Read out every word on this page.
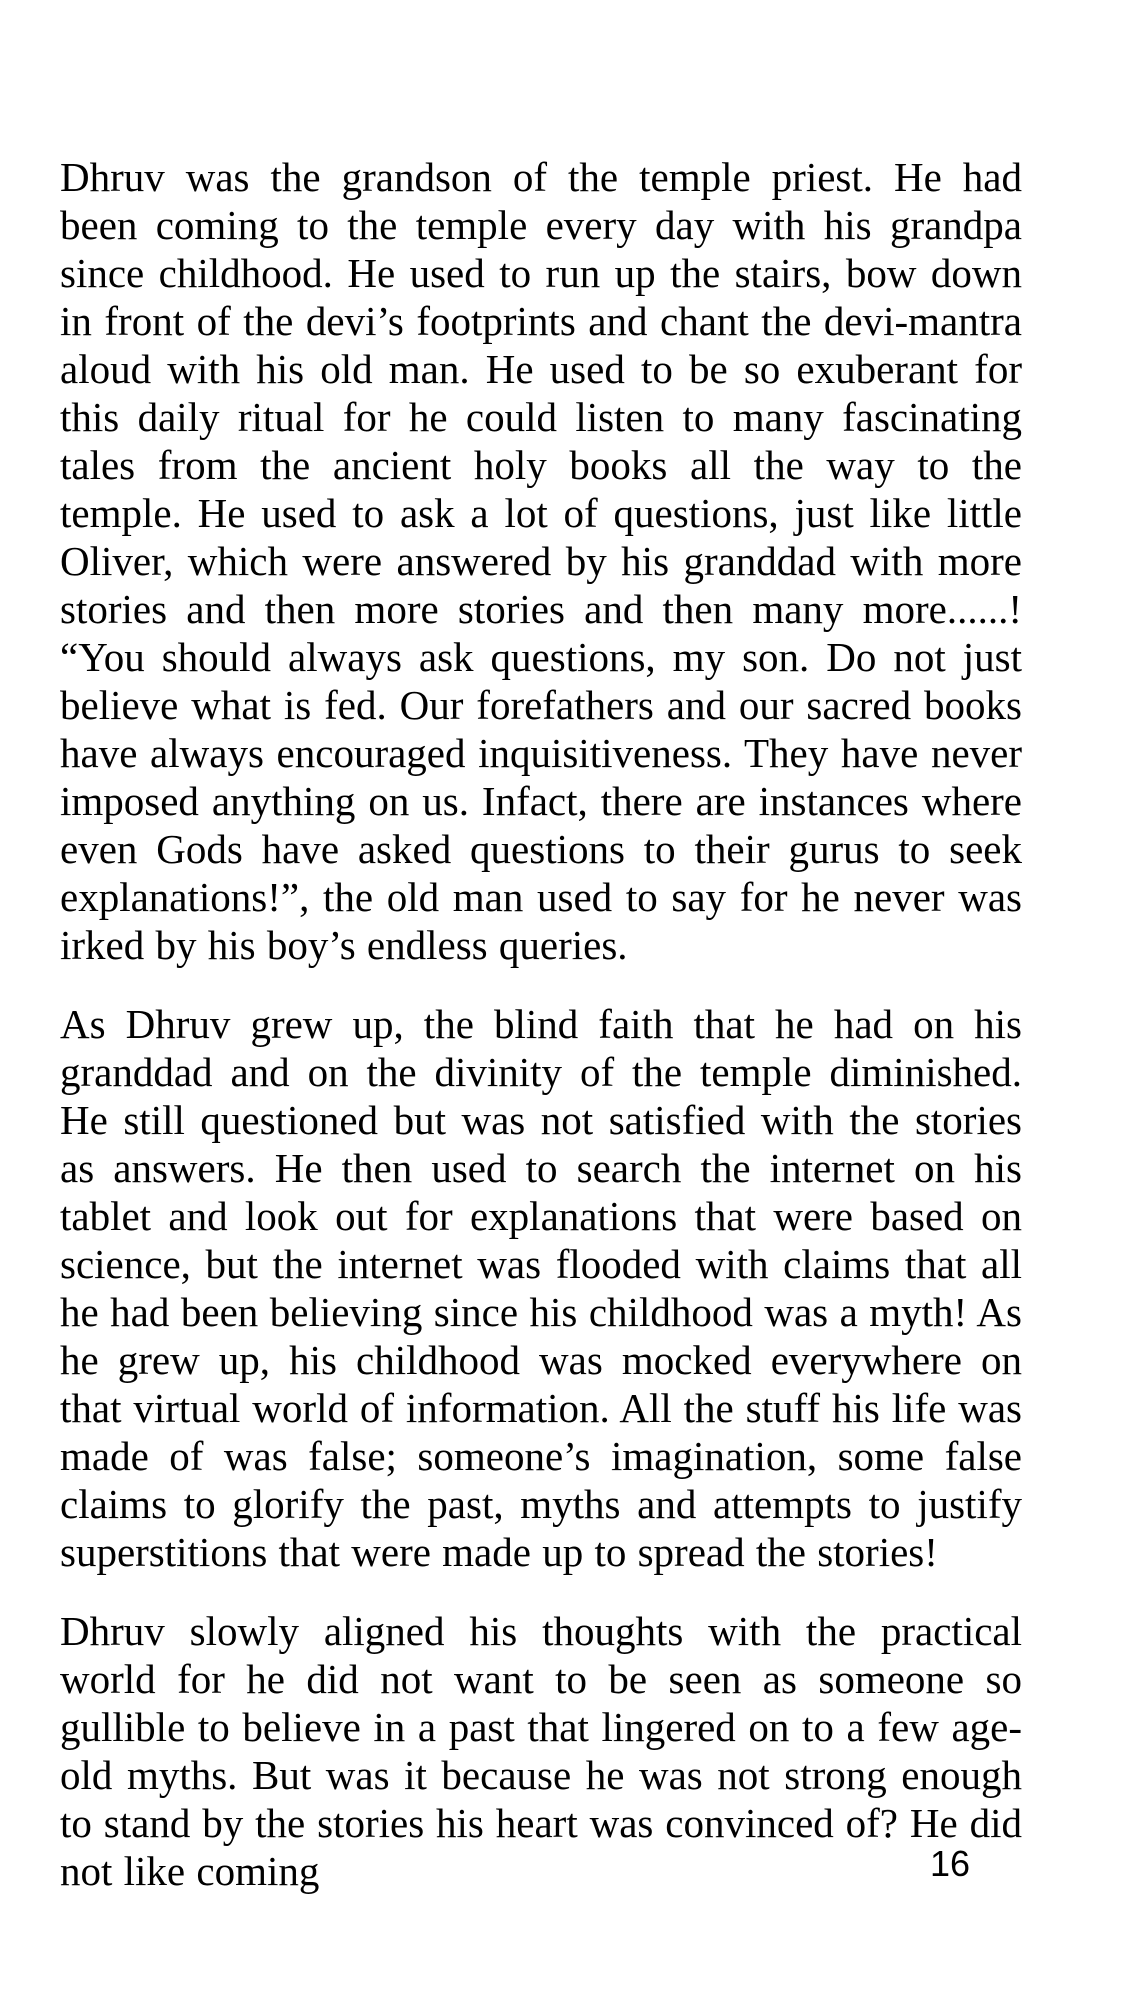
Dhruv was the grandson of the temple priest. He had been coming to the temple every day with his grandpa since childhood. He used to run up the stairs, bow down in front of the devi’s footprints and chant the devi-mantra aloud with his old man. He used to be so exuberant for this daily ritual for he could listen to many fascinating tales from the ancient holy books all the way to the temple. He used to ask a lot of questions, just like little Oliver, which were answered by his granddad with more stories and then more stories and then many more......! “You should always ask questions, my son. Do not just believe what is fed. Our forefathers and our sacred books have always encouraged inquisitiveness. They have never imposed anything on us. Infact, there are instances where even Gods have asked questions to their gurus to seek explanations!”, the old man used to say for he never was irked by his boy’s endless queries.

As Dhruv grew up, the blind faith that he had on his granddad and on the divinity of the temple diminished. He still questioned but was not satisfied with the stories as answers. He then used to search the internet on his tablet and look out for explanations that were based on science, but the internet was flooded with claims that all he had been believing since his childhood was a myth! As he grew up, his childhood was mocked everywhere on that virtual world of information. All the stuff his life was made of was false; someone’s imagination, some false claims to glorify the past, myths and attempts to justify superstitions that were made up to spread the stories!

Dhruv slowly aligned his thoughts with the practical world for he did not want to be seen as someone so gullible to believe in a past that lingered on to a few age-old myths. But was it because he was not strong enough to stand by the stories his heart was convinced of? He did not like coming	16
